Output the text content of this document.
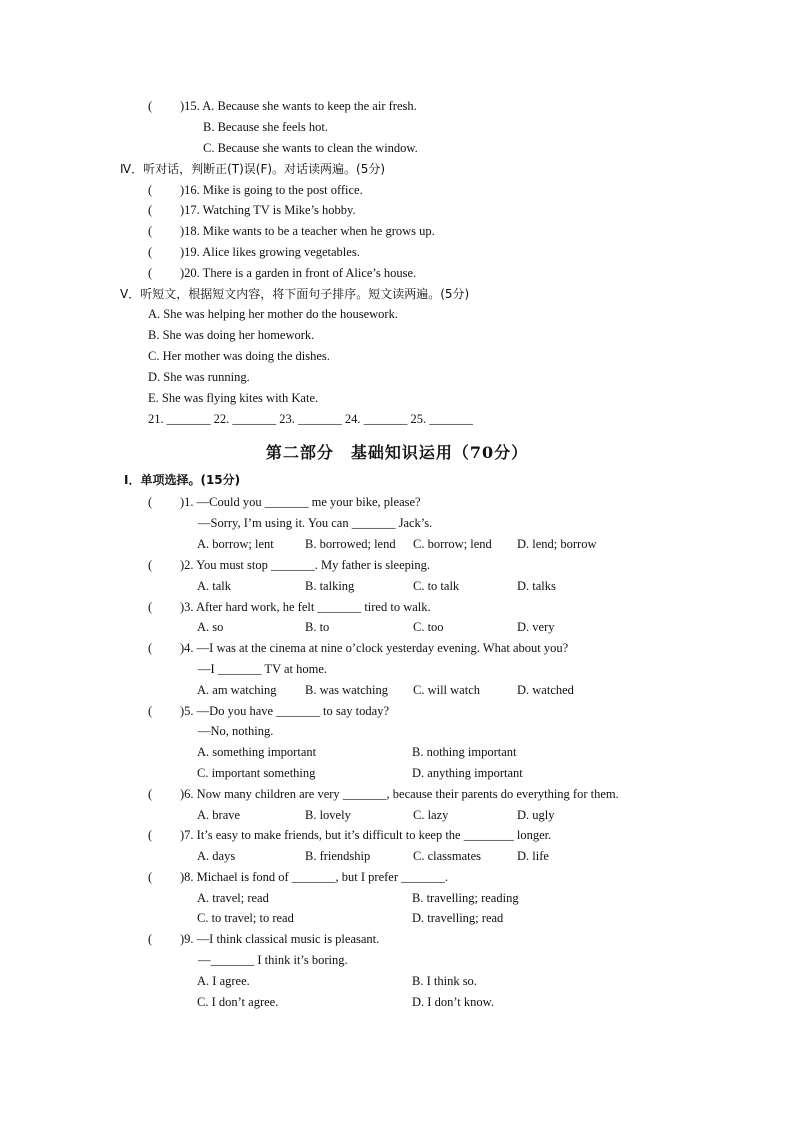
( )15. A. Because she wants to keep the air fresh.
B. Because she feels hot.
C. Because she wants to clean the window.
Ⅳ．听对话，判断正(T)误(F)。对话读两遍。(5分)
( )16. Mike is going to the post office.
( )17. Watching TV is Mike’s hobby.
( )18. Mike wants to be a teacher when he grows up.
( )19. Alice likes growing vegetables.
( )20. There is a garden in front of Alice’s house.
Ⅴ．听短文，根据短文内容，将下面句子排序。短文读两遍。(5分)
A. She was helping her mother do the housework.
B. She was doing her homework.
C. Her mother was doing the dishes.
D. She was running.
E. She was flying kites with Kate.
21. _______ 22. _______ 23. _______ 24. _______ 25. _______
第二部分　基础知识运用（70分）
Ⅰ．单项选择。(15分)
( )1. —Could you _______ me your bike, please?
—Sorry, I’m using it. You can _______ Jack’s.
A. borrow; lent	B. borrowed; lend C. borrow; lend D. lend; borrow
( )2. You must stop _______. My father is sleeping.
A. talk	B. talking	C. to talk	D. talks
( )3. After hard work, he felt _______ tired to walk.
A. so	B. to	C. too	D. very
( )4. —I was at the cinema at nine o’clock yesterday evening. What about you?
—I _______ TV at home.
A. am watching B. was watching C. will watch	D. watched
( )5. —Do you have _______ to say today?
—No, nothing.
A. something important	B. nothing important
C. important something	D. anything important
( )6. Now many children are very _______, because their parents do everything for them.
A. brave	B. lovely	C. lazy	D. ugly
( )7. It’s easy to make friends, but it’s difficult to keep the ________ longer.
A. days	B. friendship	C. classmates	D. life
( )8. Michael is fond of _______, but I prefer _______.
A. travel; read	B. travelling; reading
C. to travel; to read	D. travelling; read
( )9. —I think classical music is pleasant.
—_______ I think it’s boring.
A. I agree.	B. I think so.
C. I don’t agree.	D. I don’t know.
